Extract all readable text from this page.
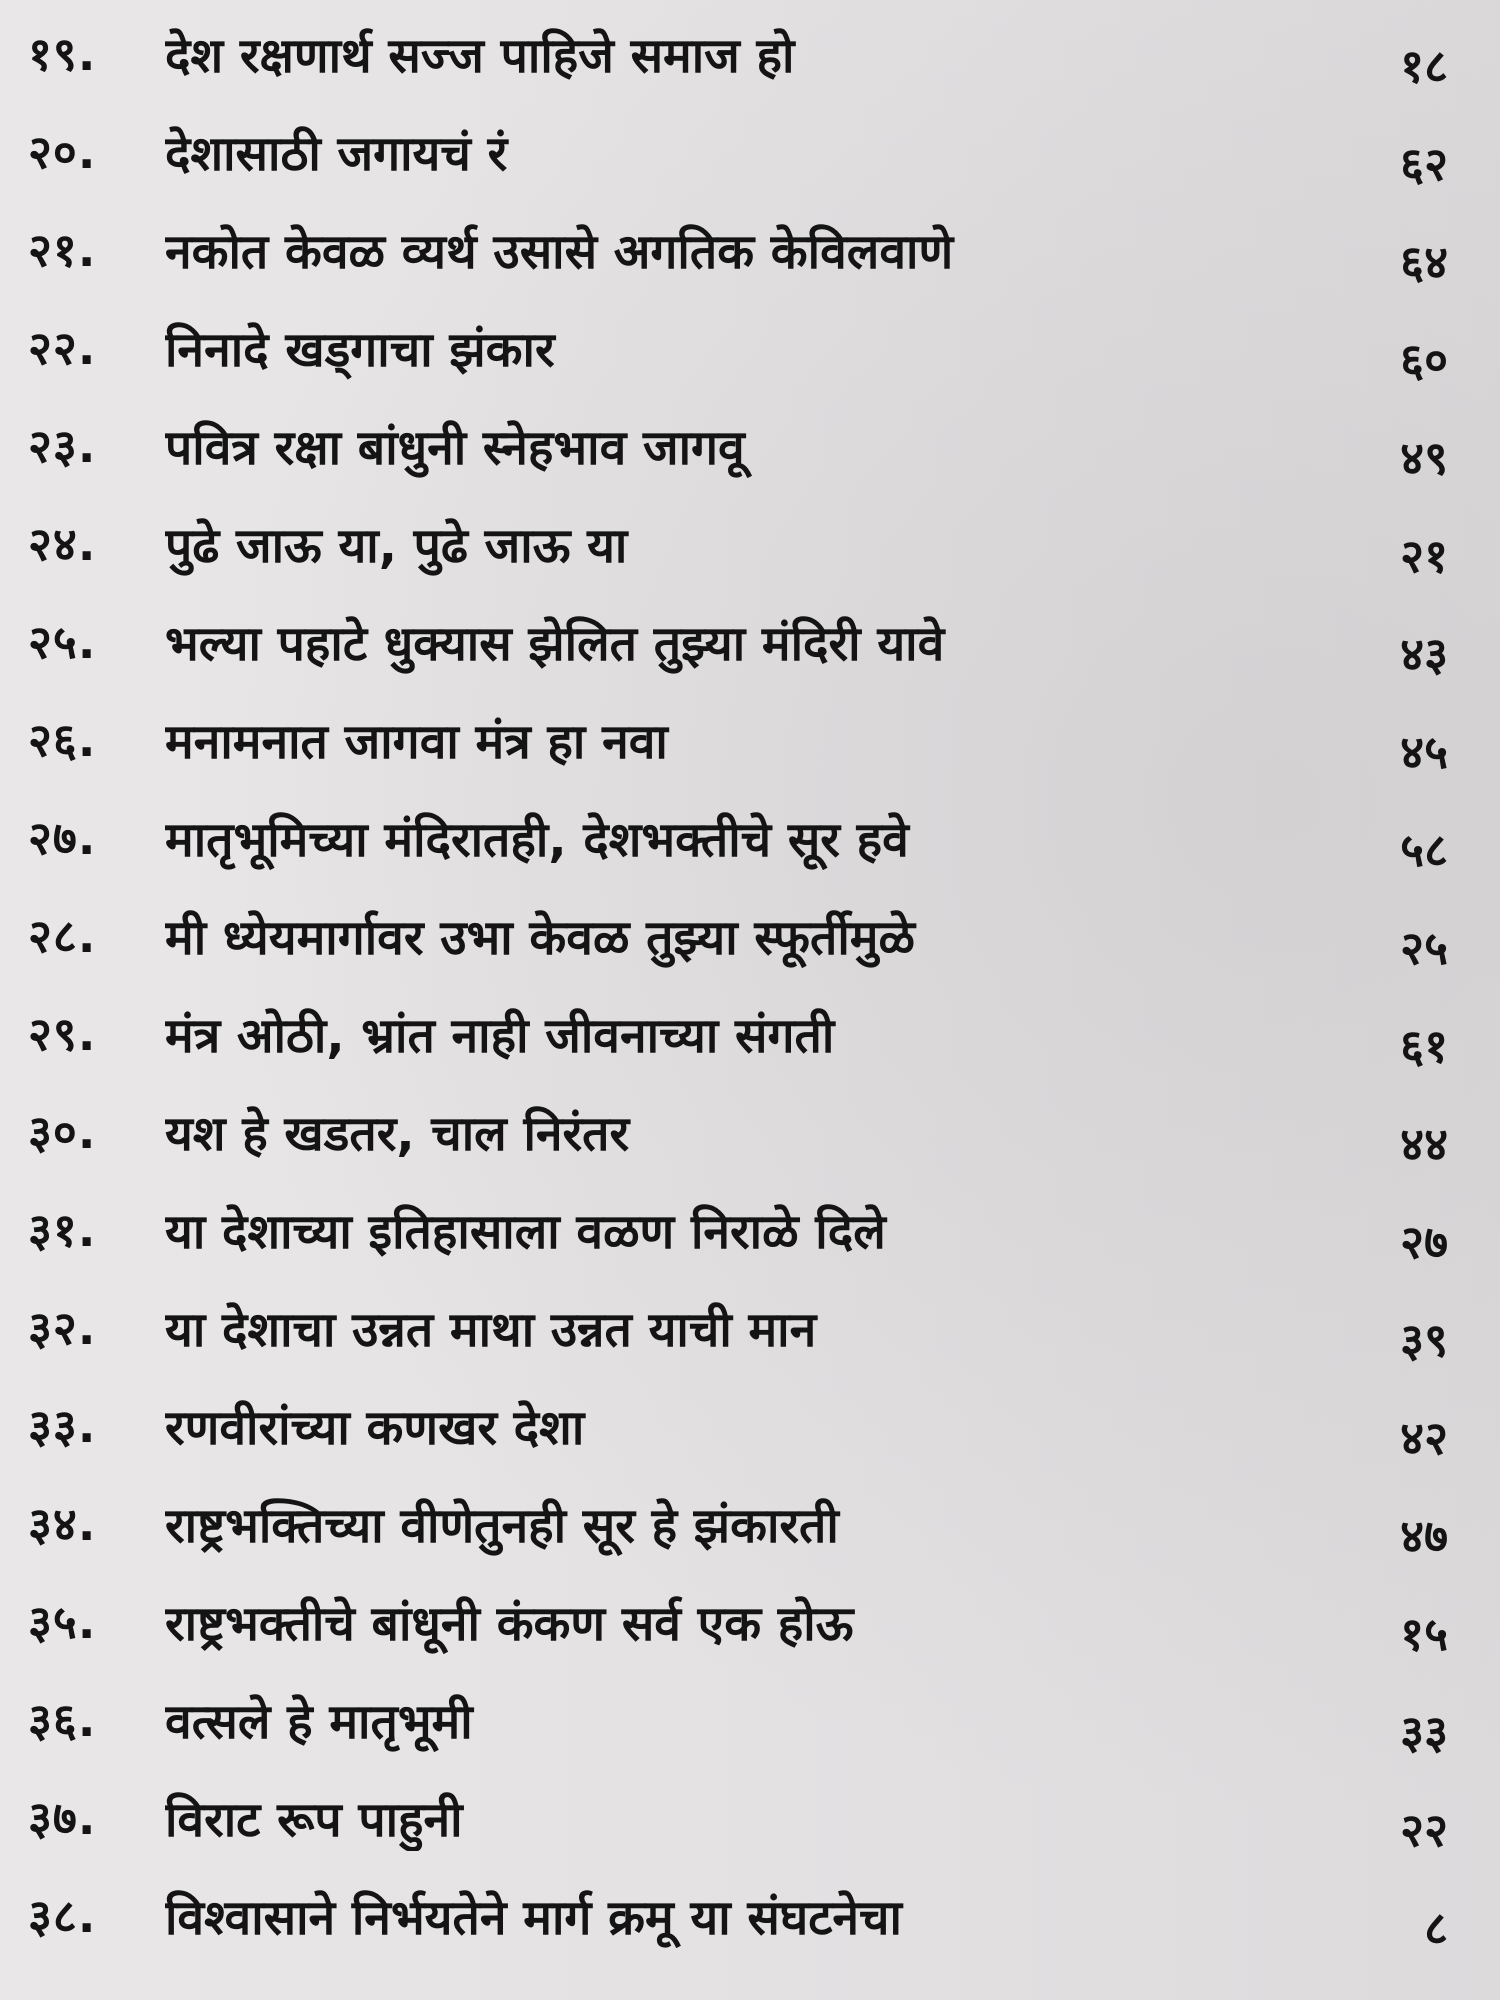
१९. देश रक्षणार्थ सज्ज पाहिजे समाज हो	१८
२०. देशासाठी जगायचं रं	६२
२१. नकोत केवळ व्यर्थ उसासे अगतिक केविलवाणे	६४
२२. निनादे खड्गाचा झंकार	६०
२३. पवित्र रक्षा बांधुनी स्नेहभाव जागवू	४९
२४. पुढे जाऊ या, पुढे जाऊ या	२१
२५. भल्या पहाटे धुक्यास झेलित तुझ्या मंदिरी यावे	४३
२६. मनामनात जागवा मंत्र हा नवा	४५
२७. मातृभूमिच्या मंदिरातही, देशभक्तीचे सूर हवे	५८
२८. मी ध्येयमार्गावर उभा केवळ तुझ्या स्फूर्तीमुळे	२५
२९. मंत्र ओठी, भ्रांत नाही जीवनाच्या संगती	६१
३०. यश हे खडतर, चाल निरंतर	४४
३१. या देशाच्या इतिहासाला वळण निराळे दिले	२७
३२. या देशाचा उन्नत माथा उन्नत याची मान	३९
३३. रणवीरांच्या कणखर देशा	४२
३४. राष्ट्रभक्तिच्या वीणेतुनही सूर हे झंकारती	४७
३५. राष्ट्रभक्तीचे बांधूनी कंकण सर्व एक होऊ	१५
३६. वत्सले हे मातृभूमी	३३
३७. विराट रूप पाहुनी	२२
३८. विश्वासाने निर्भयतेने मार्ग क्रमू या संघटनेचा	८
